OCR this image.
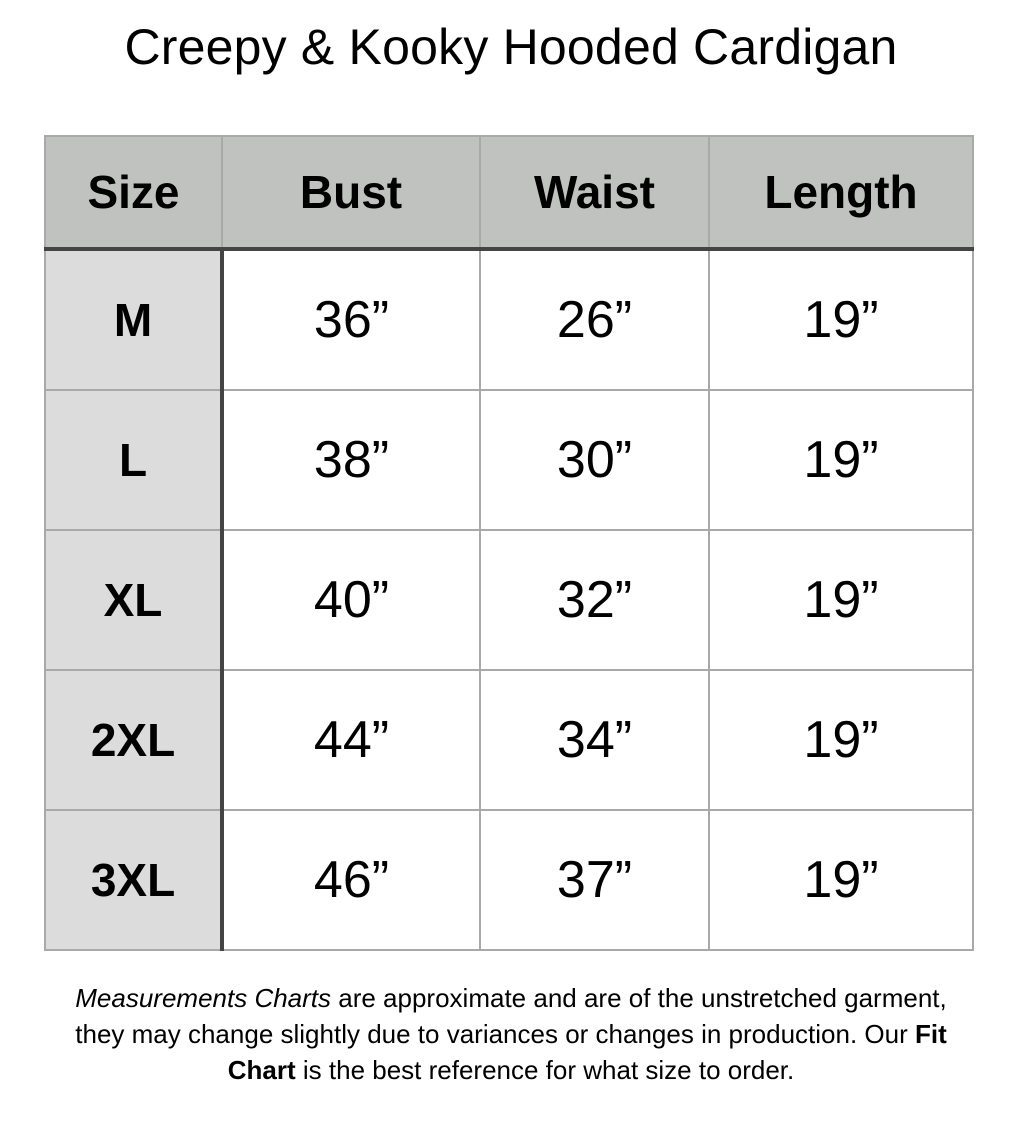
Creepy & Kooky Hooded Cardigan
Size	Bust	Waist	Length
M	36”	26”	19”
L	38”	30”	19”
XL	40”	32”	19”
2XL	44”	34”	19”
3XL	46”	37”	19”
Measurements Charts are approximate and are of the unstretched garment, they may change slightly due to variances or changes in production. Our Fit Chart is the best reference for what size to order.
